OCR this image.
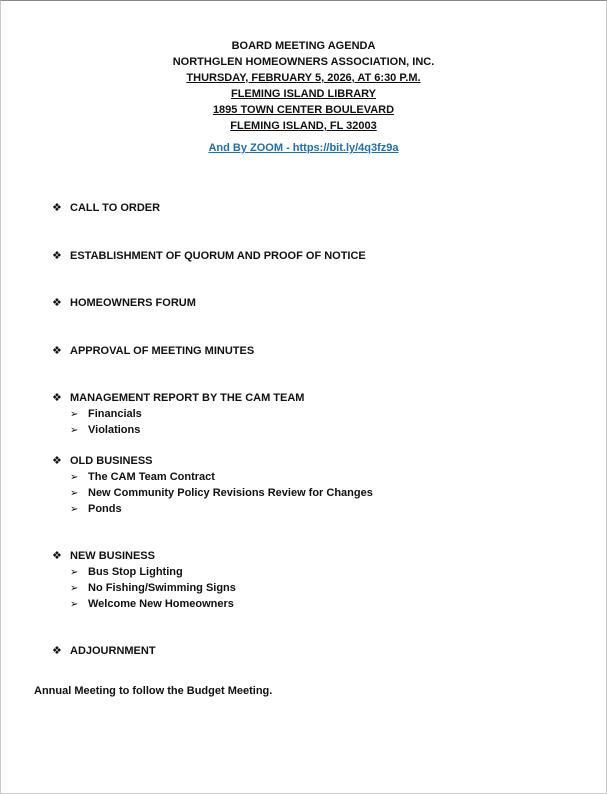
BOARD MEETING AGENDA
NORTHGLEN HOMEOWNERS ASSOCIATION, INC.
THURSDAY, FEBRUARY 5, 2026, AT 6:30 P.M.
FLEMING ISLAND LIBRARY
1895 TOWN CENTER BOULEVARD
FLEMING ISLAND, FL 32003
And By ZOOM - https://bit.ly/4q3fz9a
❖ CALL TO ORDER
❖ ESTABLISHMENT OF QUORUM AND PROOF OF NOTICE
❖ HOMEOWNERS FORUM
❖ APPROVAL OF MEETING MINUTES
❖ MANAGEMENT REPORT BY THE CAM TEAM
➢ Financials
➢ Violations
❖ OLD BUSINESS
➢ The CAM Team Contract
➢ New Community Policy Revisions Review for Changes
➢ Ponds
❖ NEW BUSINESS
➢ Bus Stop Lighting
➢ No Fishing/Swimming Signs
➢ Welcome New Homeowners
❖ ADJOURNMENT
Annual Meeting to follow the Budget Meeting.
